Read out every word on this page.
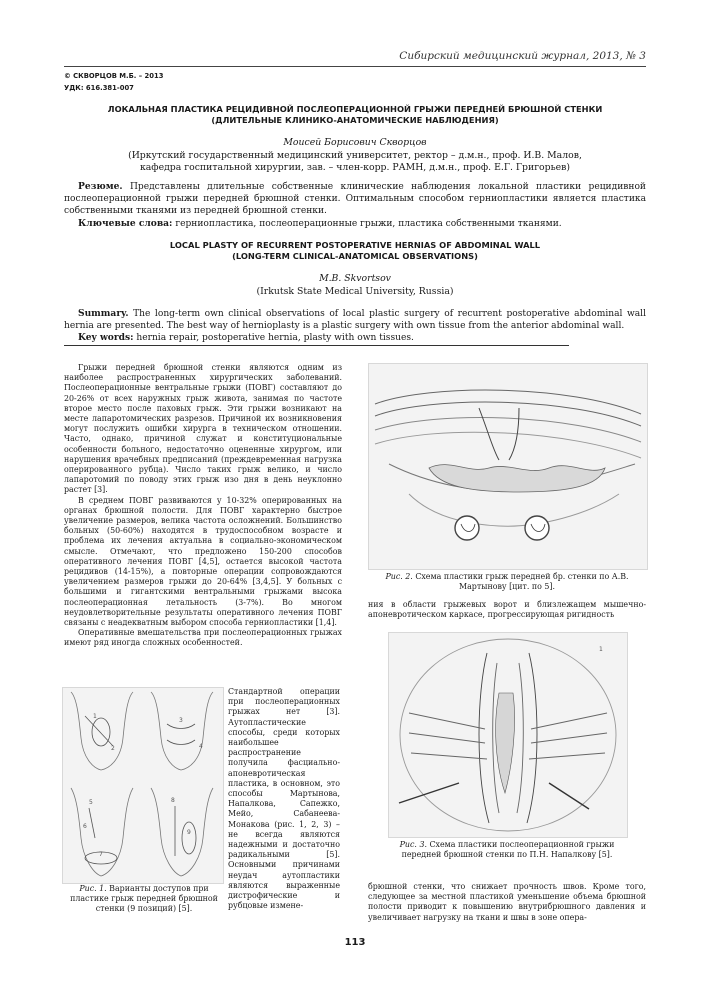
Сибирский медицинский журнал, 2013, № 3
© СКВОРЦОВ М.Б. – 2013
УДК: 616.381-007
ЛОКАЛЬНАЯ ПЛАСТИКА РЕЦИДИВНОЙ ПОСЛЕОПЕРАЦИОННОЙ ГРЫЖИ ПЕРЕДНЕЙ БРЮШНОЙ СТЕНКИ
(ДЛИТЕЛЬНЫЕ КЛИНИКО-АНАТОМИЧЕСКИЕ НАБЛЮДЕНИЯ)
Моисей Борисович Скворцов
(Иркутский государственный медицинский университет, ректор – д.м.н., проф. И.В. Малов,
кафедра госпитальной хирургии, зав. – член-корр. РАМН, д.м.н., проф. Е.Г. Григорьев)
Резюме. Представлены длительные собственные клинические наблюдения локальной пластики рецидивной послеоперационной грыжи передней брюшной стенки. Оптимальным способом герниопластики является пластика собственными тканями из передней брюшной стенки.
Ключевые слова: герниопластика, послеоперационные грыжи, пластика собственными тканями.
LOCAL PLASTY OF RECURRENT POSTOPERATIVE HERNIAS OF ABDOMINAL WALL
(LONG-TERM CLINICAL-ANATOMICAL OBSERVATIONS)
M.B. Skvortsov
(Irkutsk State Medical University, Russia)
Summary. The long-term own clinical observations of local plastic surgery of recurrent postoperative abdominal wall hernia are presented. The best way of hernioplasty is a plastic surgery with own tissue from the anterior abdominal wall.
Key words: hernia repair, postoperative hernia, plasty with own tissues.
Грыжи передней брюшной стенки являются одним из наиболее распространенных хирургических заболеваний. Послеоперационные вентральные грыжи (ПОВГ) составляют до 20-26% от всех наружных грыж живота, занимая по частоте второе место после паховых грыж. Эти грыжи возникают на месте лапаротомических разрезов. Причиной их возникновения могут послужить ошибки хирурга в техническом отношении. Часто, однако, причиной служат и конституциональные особенности больного, недостаточно оцененные хирургом, или нарушения врачебных предписаний (преждевременная нагрузка оперированного рубца). Число таких грыж велико, и число лапаротомий по поводу этих грыж изо дня в день неуклонно растет [3].
В среднем ПОВГ развиваются у 10-32% оперированных на органах брюшной полости. Для ПОВГ характерно быстрое увеличение размеров, велика частота осложнений. Большинство больных (50-60%) находятся в трудоспособном возрасте и проблема их лечения актуальна в социально-экономическом смысле. Отмечают, что предложено 150-200 способов оперативного лечения ПОВГ [4,5], остается высокой частота рецидивов (14-15%), а повторные операции сопровождаются увеличением размеров грыжи до 20-64% [3,4,5]. У больных с большими и гигантскими вентральными грыжами высока послеоперационная летальность (3-7%). Во многом неудовлетворительные результаты оперативного лечения ПОВГ связаны с неадекватным выбором способа герниопластики [1,4].
Оперативные вмешательства при послеоперационных грыжах имеют ряд иногда сложных особенностей.
1
2
3
4
5
6
7
8
9
Рис. 1. Варианты доступов при пластике грыж передней брюшной стенки (9 позиций) [5].
Стандартной операции при послеоперационных грыжах нет [3]. Аутопластические способы, среди которых наибольшее распространение получила фасциально-апоневротическая пластика, в основном, это способы Мартынова, Напалкова, Сапежко, Мейо, Сабанеева-Монакова (рис. 1, 2, 3) – не всегда являются надежными и достаточно радикальными [5]. Основными причинами неудач аутопластики являются выраженные дистрофические и рубцовые измене-
Рис. 2. Схема пластики грыж передней бр. стенки по А.В. Мартынову [цит. по 5].
ния в области грыжевых ворот и близлежащем мышечно-апоневротическом каркасе, прогрессирующая ригидность
1
Рис. 3. Схема пластики послеоперационной грыжи передней брюшной стенки по П.Н. Напалкову [5].
брюшной стенки, что снижает прочность швов. Кроме того, следующее за местной пластикой уменьшение объема брюшной полости приводит к повышению внутрибрюшного давления и увеличивает нагрузку на ткани и швы в зоне опера-
113
